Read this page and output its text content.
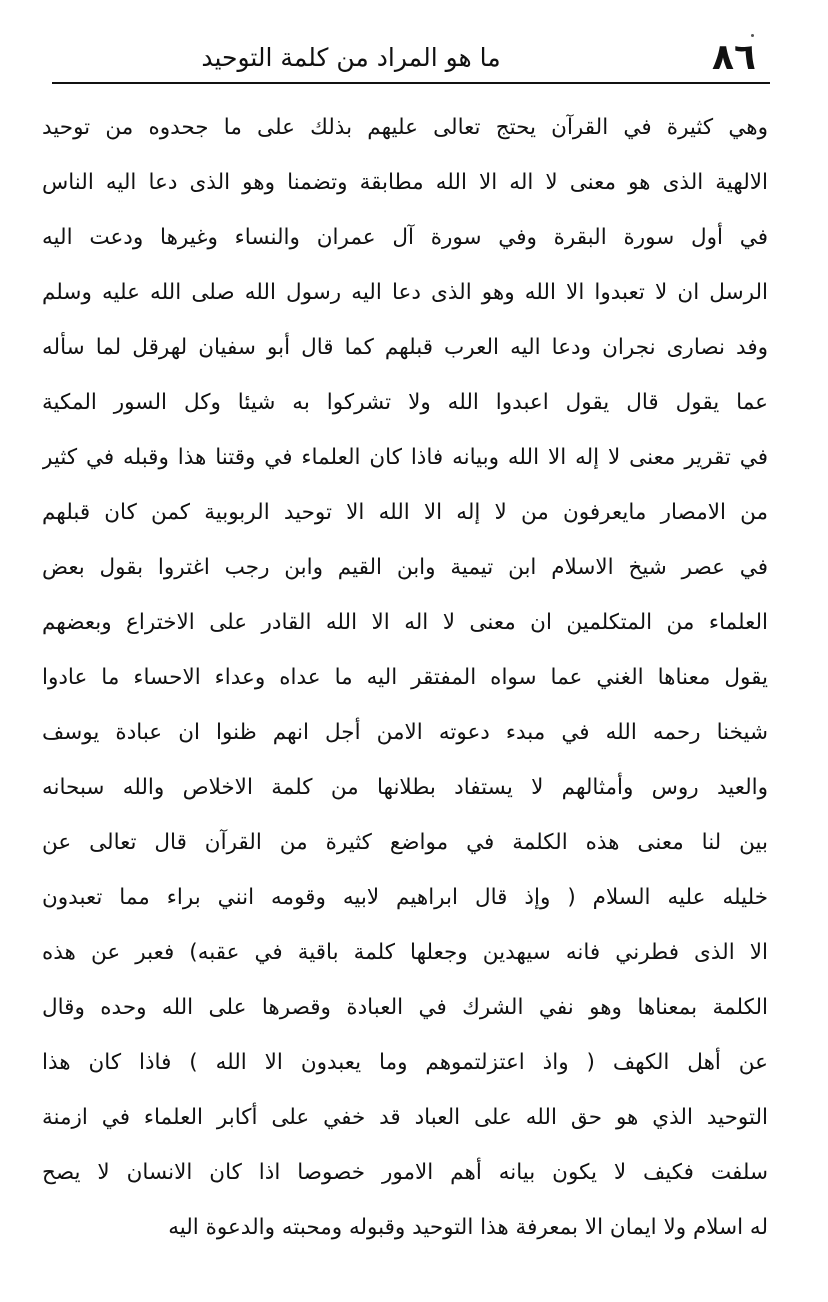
ما هو المراد من كلمة التوحيد	٨٦
وهي كثيرة في القرآن يحتج تعالى عليهم بذلك على ما جحدوه من توحيد
الالهية الذى هو معنى لا اله الا الله مطابقة وتضمنا وهو الذى دعا اليه الناس
في أول سورة البقرة وفي سورة آل عمران والنساء وغيرها ودعت اليه
الرسل ان لا تعبدوا الا الله وهو الذى دعا اليه رسول الله صلى الله عليه وسلم
وفد نصارى نجران ودعا اليه العرب قبلهم كما قال أبو سفيان لهرقل لما سأله
عما يقول قال يقول اعبدوا الله ولا تشركوا به شيئا وكل السور المكية
في تقرير معنى لا إله الا الله وبيانه فاذا كان العلماء في وقتنا هذا وقبله في كثير
من الامصار مايعرفون من لا إله الا الله الا توحيد الربوبية كمن كان قبلهم
في عصر شيخ الاسلام ابن تيمية وابن القيم وابن رجب اغتروا بقول بعض
العلماء من المتكلمين ان معنى لا اله الا الله القادر على الاختراع وبعضهم
يقول معناها الغني عما سواه المفتقر اليه ما عداه وعداء الاحساء ما عادوا
شيخنا رحمه الله في مبدء دعوته الامن أجل انهم ظنوا ان عبادة يوسف
والعيد روس وأمثالهم لا يستفاد بطلانها من كلمة الاخلاص والله سبحانه
بين لنا معنى هذه الكلمة في مواضع كثيرة من القرآن قال تعالى عن
خليله عليه السلام ( وإذ قال ابراهيم لابيه وقومه انني براء مما تعبدون
الا الذى فطرني فانه سيهدين وجعلها كلمة باقية في عقبه) فعبر عن هذه
الكلمة بمعناها وهو نفي الشرك في العبادة وقصرها على الله وحده وقال
عن أهل الكهف ( واذ اعتزلتموهم وما يعبدون الا الله ) فاذا كان هذا
التوحيد الذي هو حق الله على العباد قد خفي على أكابر العلماء في ازمنة
سلفت فكيف لا يكون بيانه أهم الامور خصوصا اذا كان الانسان لا يصح
له اسلام ولا ايمان الا بمعرفة هذا التوحيد وقبوله ومحبته والدعوة اليه
